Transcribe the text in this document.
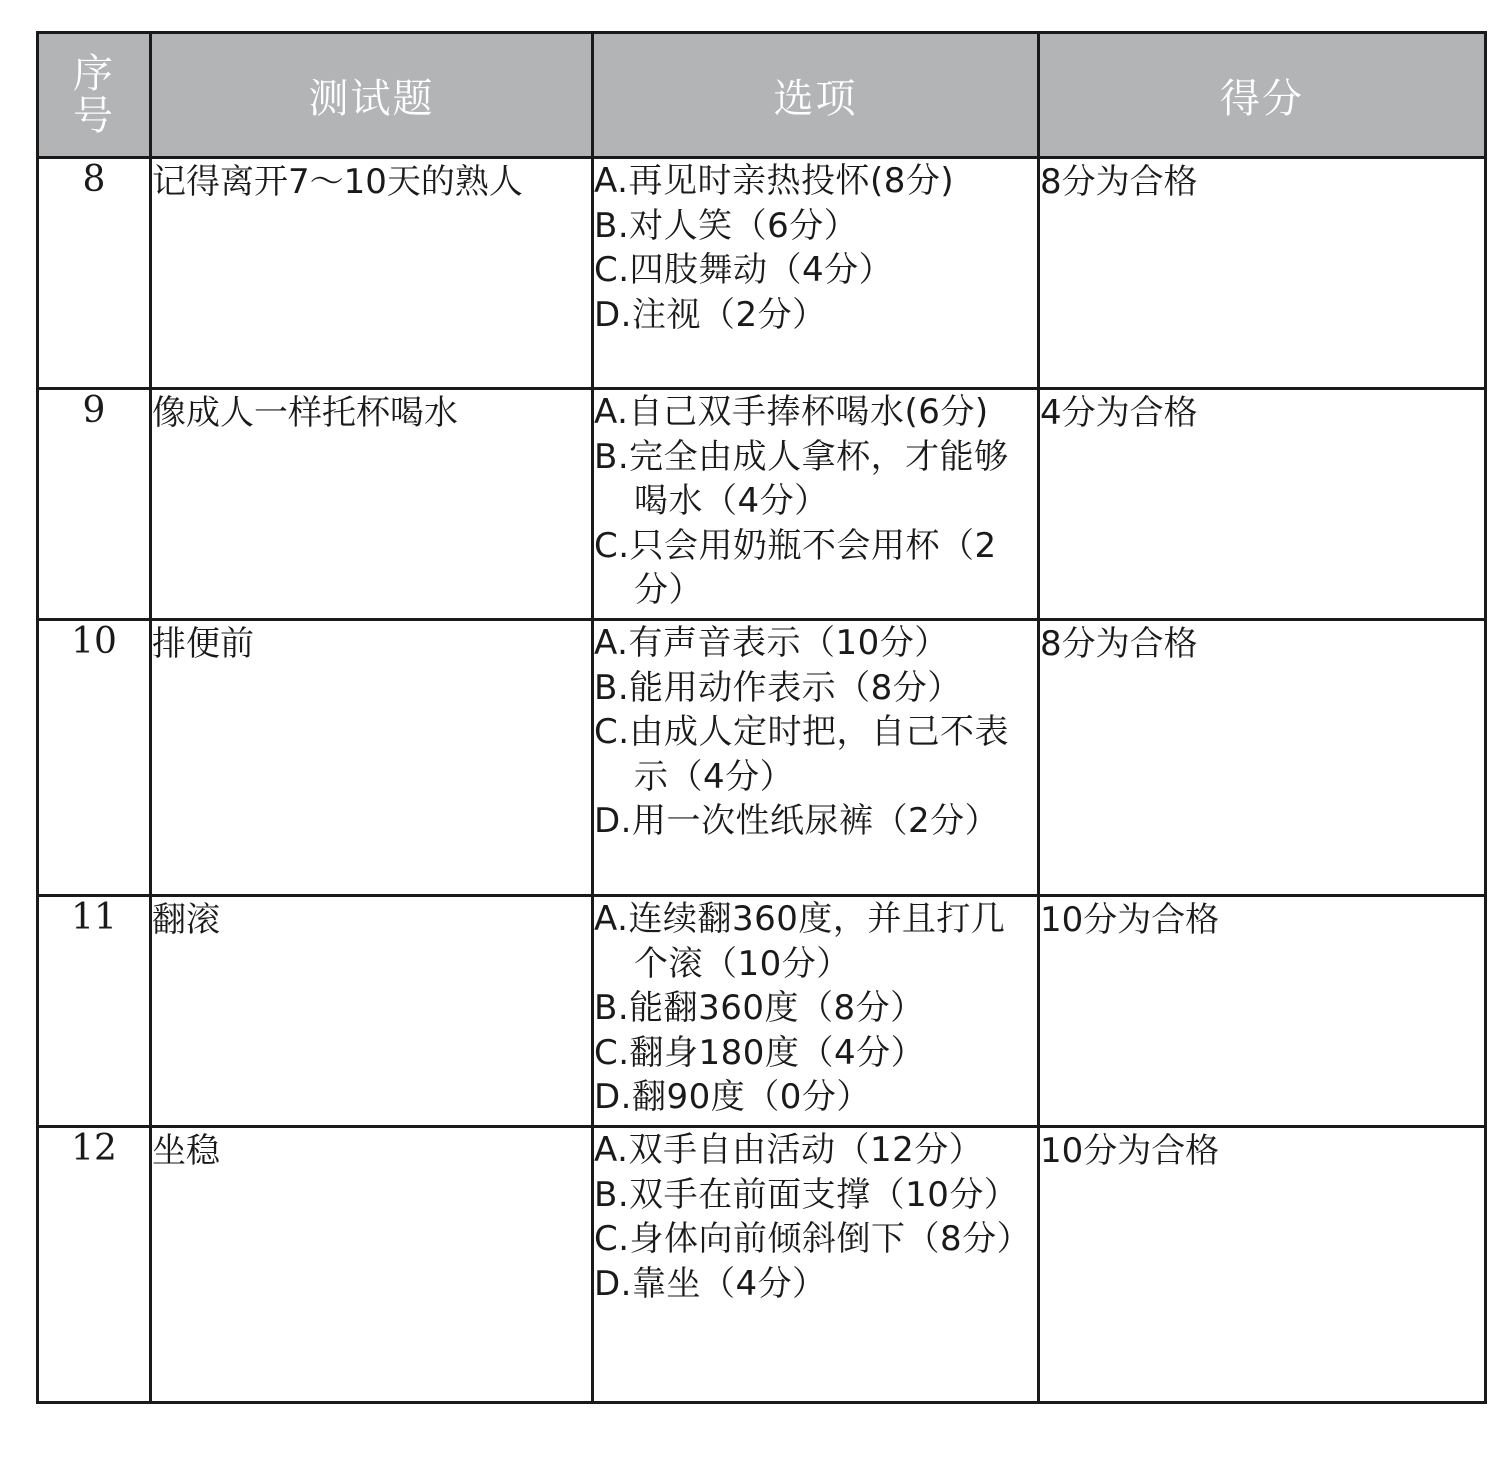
序
号	测试题	选项	得分
8	记得离开7～10天的熟人	A.再见时亲热投怀(8分)
B.对人笑（6分）
C.四肢舞动（4分）
D.注视（2分）	8分为合格
9	像成人一样托杯喝水	A.自己双手捧杯喝水(6分)
B.完全由成人拿杯，才能够喝水（4分）
C.只会用奶瓶不会用杯（2分）	4分为合格
10	排便前	A.有声音表示（10分）
B.能用动作表示（8分）
C.由成人定时把，自己不表示（4分）
D.用一次性纸尿裤（2分）	8分为合格
11	翻滚	A.连续翻360度，并且打几个滚（10分）
B.能翻360度（8分）
C.翻身180度（4分）
D.翻90度（0分）	10分为合格
12	坐稳	A.双手自由活动（12分）
B.双手在前面支撑（10分）
C.身体向前倾斜倒下（8分）
D.靠坐（4分）	10分为合格
